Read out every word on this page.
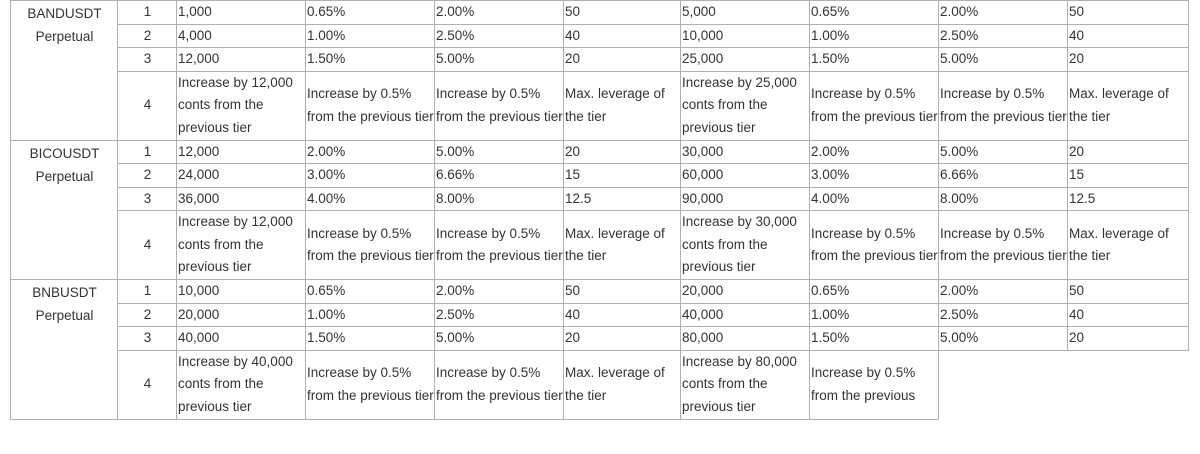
BANDUSDT
Perpetual	1	1,000	0.65%	2.00%	50	5,000	0.65%	2.00%	50
	2	4,000	1.00%	2.50%	40	10,000	1.00%	2.50%	40
	3	12,000	1.50%	5.00%	20	25,000	1.50%	5.00%	20
	4	Increase by 12,000 conts from the previous tier	Increase by 0.5% from the previous tier	Increase by 0.5% from the previous tier	Max. leverage of the tier	Increase by 25,000 conts from the previous tier	Increase by 0.5% from the previous tier	Increase by 0.5% from the previous tier	Max. leverage of the tier

BICOUSDT
Perpetual	1	12,000	2.00%	5.00%	20	30,000	2.00%	5.00%	20
	2	24,000	3.00%	6.66%	15	60,000	3.00%	6.66%	15
	3	36,000	4.00%	8.00%	12.5	90,000	4.00%	8.00%	12.5
	4	Increase by 12,000 conts from the previous tier	Increase by 0.5% from the previous tier	Increase by 0.5% from the previous tier	Max. leverage of the tier	Increase by 30,000 conts from the previous tier	Increase by 0.5% from the previous tier	Increase by 0.5% from the previous tier	Max. leverage of the tier

BNBUSDT
Perpetual	1	10,000	0.65%	2.00%	50	20,000	0.65%	2.00%	50
	2	20,000	1.00%	2.50%	40	40,000	1.00%	2.50%	40
	3	40,000	1.50%	5.00%	20	80,000	1.50%	5.00%	20
	4	Increase by 40,000 conts from the previous tier	Increase by 0.5% from the previous tier	Increase by 0.5% from the previous tier	Max. leverage of the tier	Increase by 80,000 conts from the previous tier	Increase by 0.5% from the previous		
